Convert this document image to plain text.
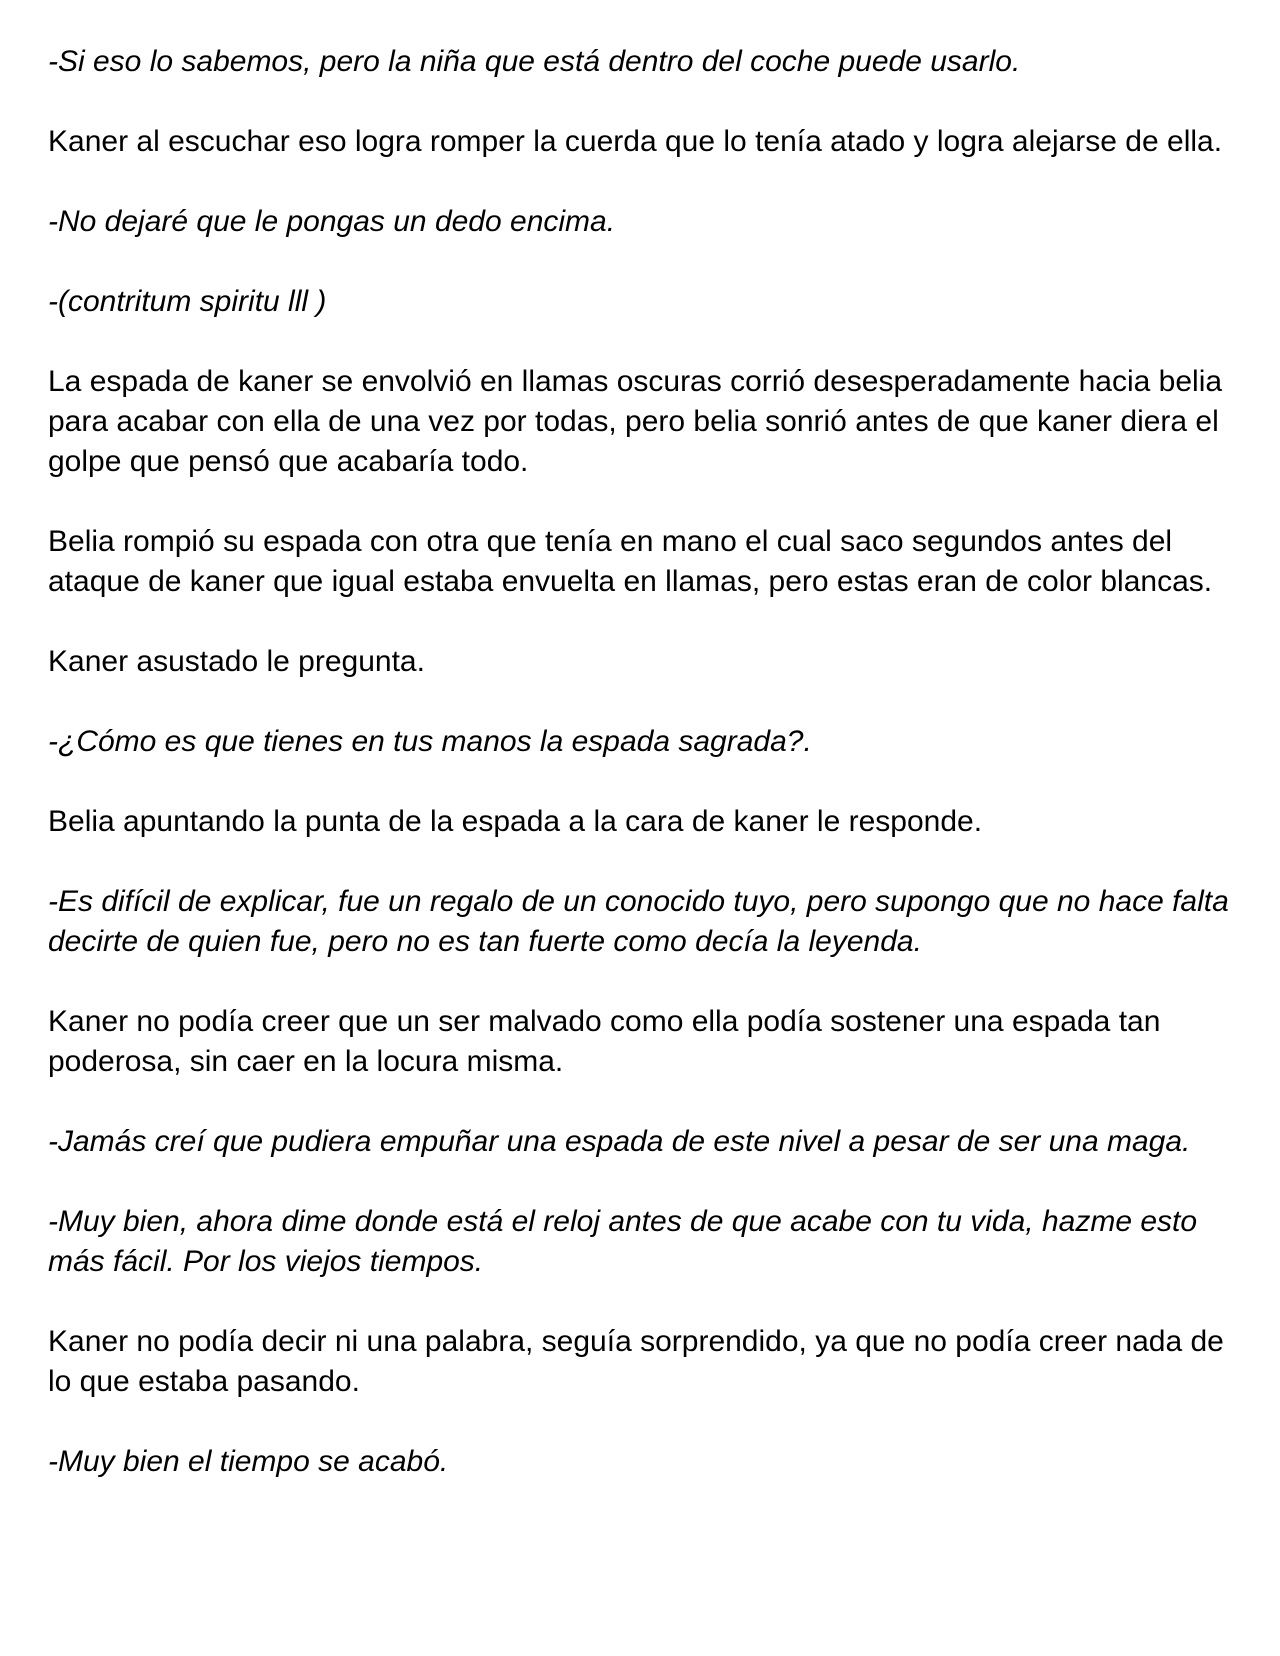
-Si eso lo sabemos, pero la niña que está dentro del coche puede usarlo.

Kaner al escuchar eso logra romper la cuerda que lo tenía atado y logra alejarse de ella.

-No dejaré que le pongas un dedo encima.

-(contritum spiritu lll )

La espada de kaner se envolvió en llamas oscuras corrió desesperadamente hacia belia para acabar con ella de una vez por todas, pero belia sonrió antes de que kaner diera el golpe que pensó que acabaría todo.

Belia rompió su espada con otra que tenía en mano el cual saco segundos antes del ataque de kaner que igual estaba envuelta en llamas, pero estas eran de color blancas.

Kaner asustado le pregunta.

-¿Cómo es que tienes en tus manos la espada sagrada?.

Belia apuntando la punta de la espada a la cara de kaner le responde.

-Es difícil de explicar, fue un regalo de un conocido tuyo, pero supongo que no hace falta decirte de quien fue, pero no es tan fuerte como decía la leyenda.

Kaner no podía creer que un ser malvado como ella podía sostener una espada tan poderosa, sin caer en la locura misma.

-Jamás creí que pudiera empuñar una espada de este nivel a pesar de ser una maga.

-Muy bien, ahora dime donde está el reloj antes de que acabe con tu vida, hazme esto más fácil. Por los viejos tiempos.

Kaner no podía decir ni una palabra, seguía sorprendido, ya que no podía creer nada de lo que estaba pasando.

-Muy bien el tiempo se acabó.
